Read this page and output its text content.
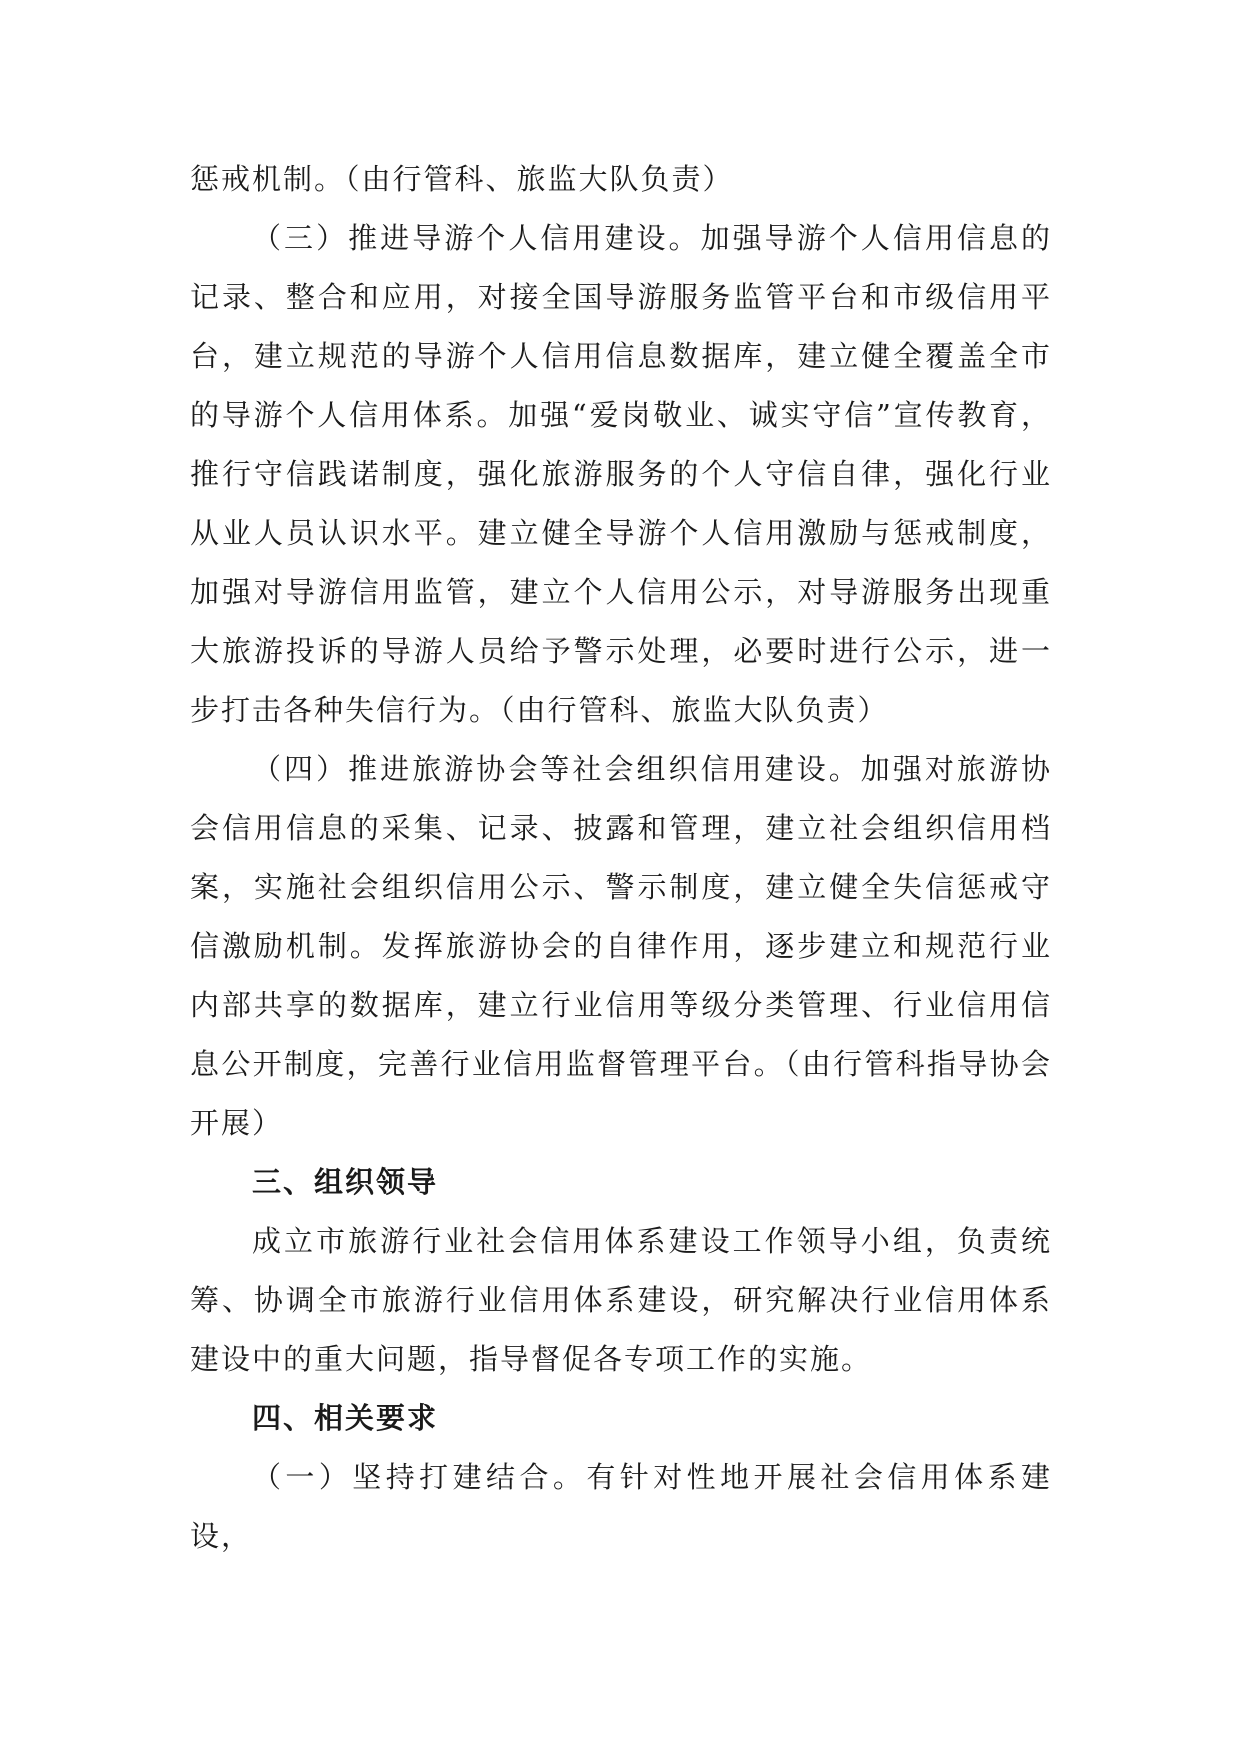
惩戒机制。（由行管科、旅监大队负责）

（三）推进导游个人信用建设。加强导游个人信用信息的记录、整合和应用，对接全国导游服务监管平台和市级信用平台，建立规范的导游个人信用信息数据库，建立健全覆盖全市的导游个人信用体系。加强“爱岗敬业、诚实守信”宣传教育，推行守信践诺制度，强化旅游服务的个人守信自律，强化行业从业人员认识水平。建立健全导游个人信用激励与惩戒制度，加强对导游信用监管，建立个人信用公示，对导游服务出现重大旅游投诉的导游人员给予警示处理，必要时进行公示，进一步打击各种失信行为。（由行管科、旅监大队负责）

（四）推进旅游协会等社会组织信用建设。加强对旅游协会信用信息的采集、记录、披露和管理，建立社会组织信用档案，实施社会组织信用公示、警示制度，建立健全失信惩戒守信激励机制。发挥旅游协会的自律作用，逐步建立和规范行业内部共享的数据库，建立行业信用等级分类管理、行业信用信息公开制度，完善行业信用监督管理平台。（由行管科指导协会开展）

三、组织领导

成立市旅游行业社会信用体系建设工作领导小组，负责统筹、协调全市旅游行业信用体系建设，研究解决行业信用体系建设中的重大问题，指导督促各专项工作的实施。

四、相关要求

（一）坚持打建结合。有针对性地开展社会信用体系建设，
